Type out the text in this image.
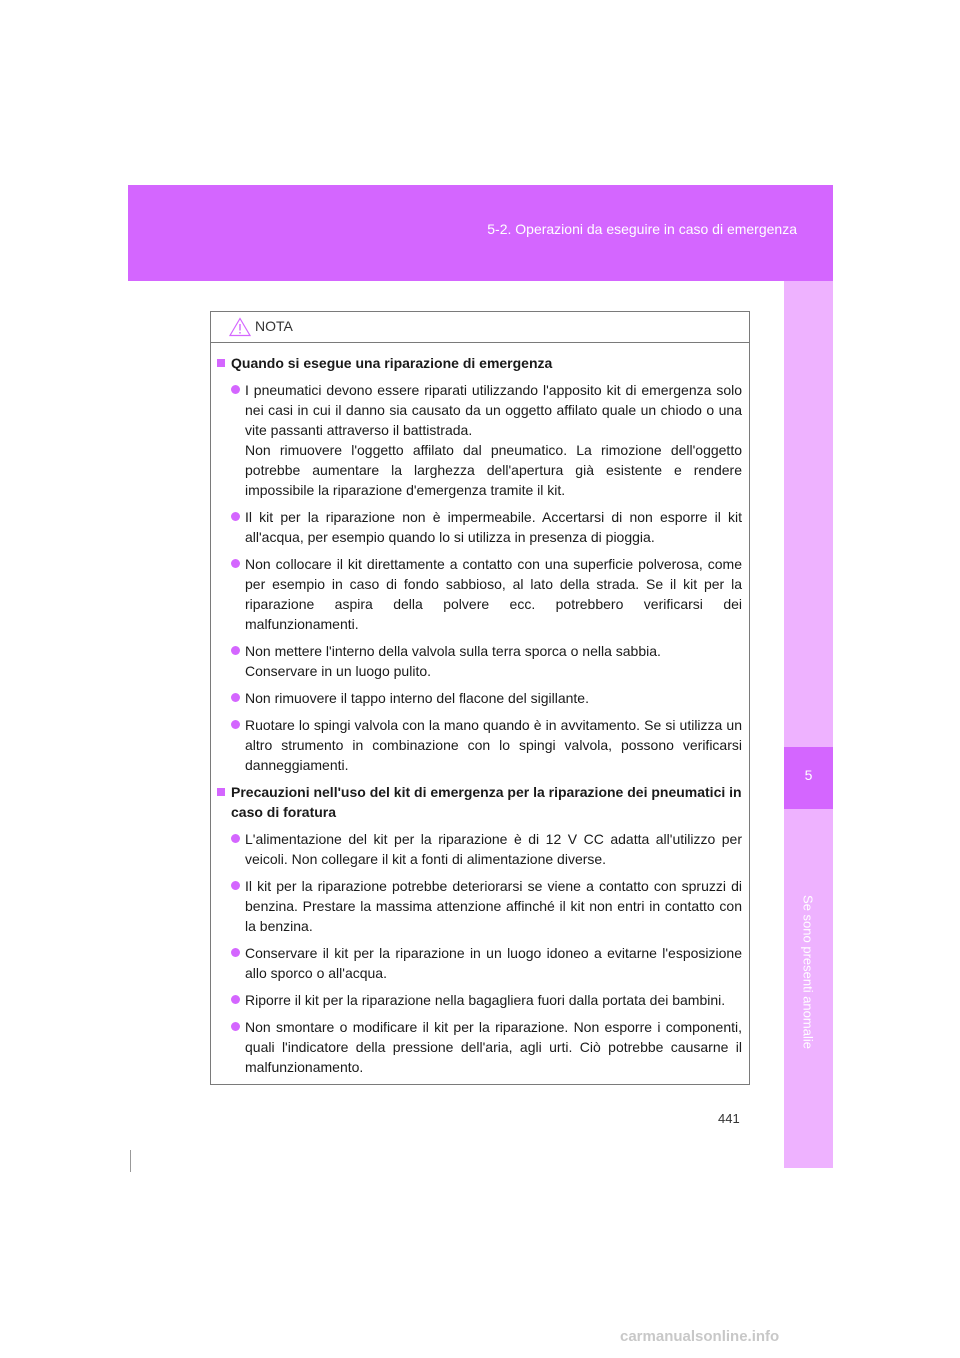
5-2. Operazioni da eseguire in caso di emergenza
5
Se sono presenti anomalie
NOTA
Quando si esegue una riparazione di emergenza

I pneumatici devono essere riparati utilizzando l'apposito kit di emergenza solo nei casi in cui il danno sia causato da un oggetto affilato quale un chiodo o una vite passanti attraverso il battistrada.

Non rimuovere l'oggetto affilato dal pneumatico. La rimozione dell'oggetto potrebbe aumentare la larghezza dell'apertura già esistente e rendere impossibile la riparazione d'emergenza tramite il kit.

Il kit per la riparazione non è impermeabile. Accertarsi di non esporre il kit all'acqua, per esempio quando lo si utilizza in presenza di pioggia.

Non collocare il kit direttamente a contatto con una superficie polverosa, come per esempio in caso di fondo sabbioso, al lato della strada. Se il kit per la riparazione aspira della polvere ecc. potrebbero verificarsi dei malfunzionamenti.

Non mettere l'interno della valvola sulla terra sporca o nella sabbia.

Conservare in un luogo pulito.

Non rimuovere il tappo interno del flacone del sigillante.

Ruotare lo spingi valvola con la mano quando è in avvitamento. Se si utilizza un altro strumento in combinazione con lo spingi valvola, possono verificarsi danneggiamenti.

Precauzioni nell'uso del kit di emergenza per la riparazione dei pneumatici in caso di foratura

L'alimentazione del kit per la riparazione è di 12 V CC adatta all'utilizzo per veicoli. Non collegare il kit a fonti di alimentazione diverse.

Il kit per la riparazione potrebbe deteriorarsi se viene a contatto con spruzzi di benzina. Prestare la massima attenzione affinché il kit non entri in contatto con la benzina.

Conservare il kit per la riparazione in un luogo idoneo a evitarne l'esposizione allo sporco o all'acqua.

Riporre il kit per la riparazione nella bagagliera fuori dalla portata dei bambini.

Non smontare o modificare il kit per la riparazione. Non esporre i componenti, quali l'indicatore della pressione dell'aria, agli urti. Ciò potrebbe causarne il malfunzionamento.

441
carmanualsonline.info
